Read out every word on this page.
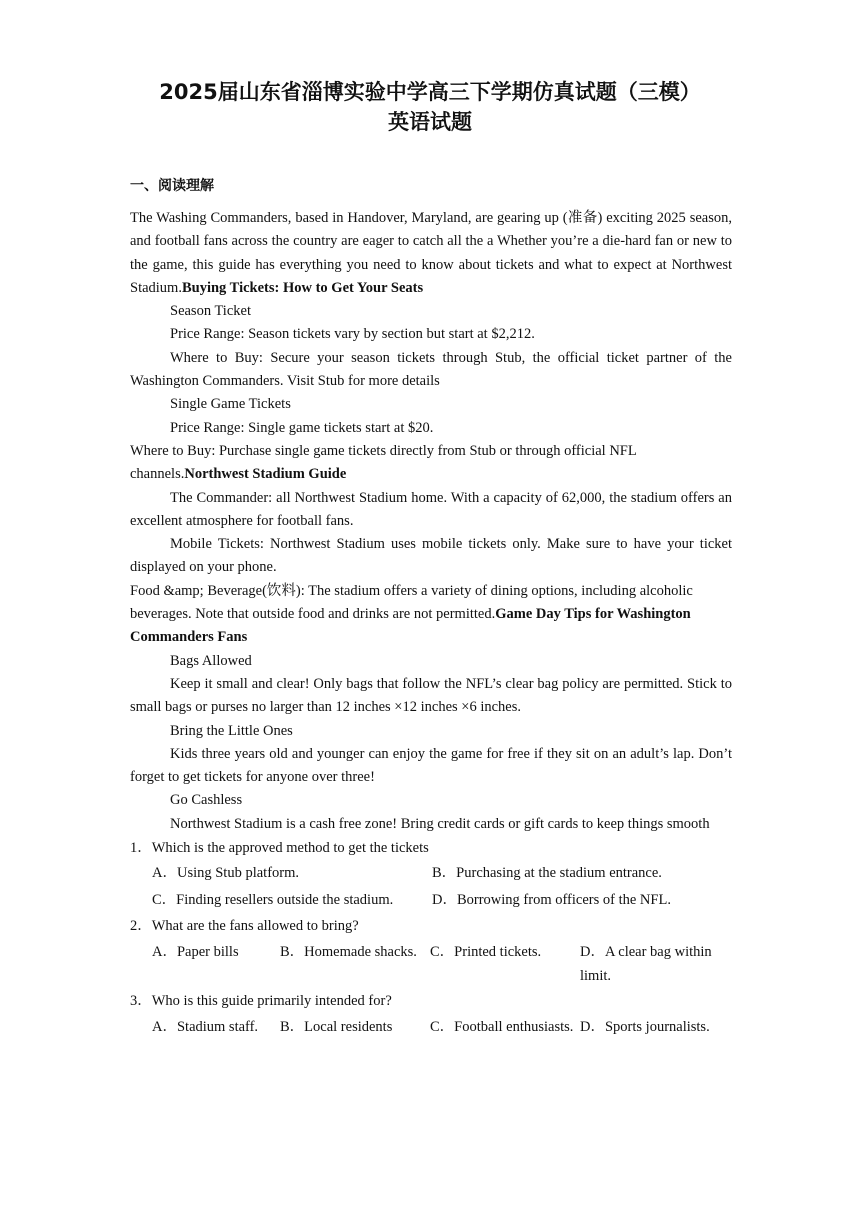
2025届山东省淄博实验中学高三下学期仿真试题（三模）
英语试题
一、阅读理解

The Washing Commanders, based in Handover, Maryland, are gearing up (准备) exciting 2025 season, and football fans across the country are eager to catch all the a Whether you’re a die-hard fan or new to the game, this guide has everything you need to know about tickets and what to expect at Northwest Stadium.Buying Tickets: How to Get Your Seats

Season Ticket

Price Range: Season tickets vary by section but start at $2,212.

Where to Buy: Secure your season tickets through Stub, the official ticket partner of the Washington Commanders. Visit Stub for more details

Single Game Tickets

Price Range: Single game tickets start at $20.

Where to Buy: Purchase single game tickets directly from Stub or through official NFL channels.Northwest Stadium Guide

The Commander: all Northwest Stadium home. With a capacity of 62,000, the stadium offers an excellent atmosphere for football fans.

Mobile Tickets: Northwest Stadium uses mobile tickets only. Make sure to have your ticket displayed on your phone.

Food &amp; Beverage(饮料): The stadium offers a variety of dining options, including alcoholic beverages. Note that outside food and drinks are not permitted.Game Day Tips for Washington Commanders Fans

Bags Allowed

Keep it small and clear! Only bags that follow the NFL’s clear bag policy are permitted. Stick to small bags or purses no larger than 12 inches ×12 inches ×6 inches.

Bring the Little Ones

Kids three years old and younger can enjoy the game for free if they sit on an adult’s lap. Don’t forget to get tickets for anyone over three!

Go Cashless

Northwest Stadium is a cash free zone! Bring credit cards or gift cards to keep things smooth

1．Which is the approved method to get the tickets

A．Using Stub platform.	B．Purchasing at the stadium entrance.
C．Finding resellers outside the stadium.	D．Borrowing from officers of the NFL.

2．What are the fans allowed to bring?

A．Paper bills	B．Homemade shacks. C．Printed tickets.	D．A clear bag within limit.

3．Who is this guide primarily intended for?

A．Stadium staff.	B．Local residents	C．Football enthusiasts. D．Sports journalists.
